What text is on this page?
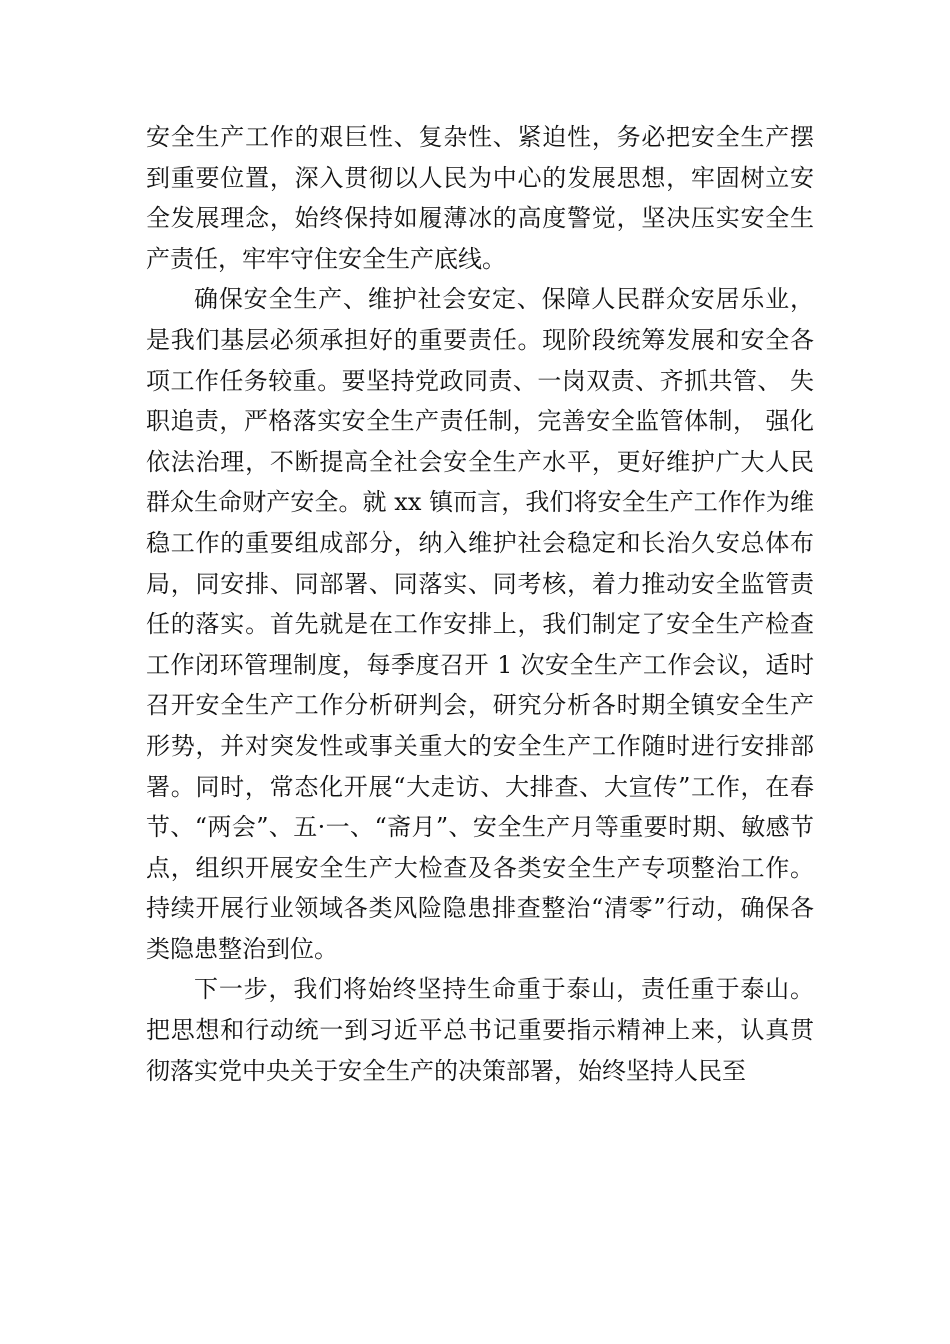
安全生产工作的艰巨性、复杂性、紧迫性，务必把安全生产摆到重要位置，深入贯彻以人民为中心的发展思想，牢固树立安全发展理念，始终保持如履薄冰的高度警觉，坚决压实安全生产责任，牢牢守住安全生产底线。

确保安全生产、维护社会安定、保障人民群众安居乐业，是我们基层必须承担好的重要责任。现阶段统筹发展和安全各项工作任务较重。要坚持党政同责、一岗双责、齐抓共管、 失职追责，严格落实安全生产责任制，完善安全监管体制， 强化依法治理，不断提高全社会安全生产水平，更好维护广大人民群众生命财产安全。就 xx 镇而言，我们将安全生产工作作为维稳工作的重要组成部分，纳入维护社会稳定和长治久安总体布局，同安排、同部署、同落实、同考核，着力推动安全监管责任的落实。首先就是在工作安排上，我们制定了安全生产检查工作闭环管理制度，每季度召开 1 次安全生产工作会议，适时召开安全生产工作分析研判会，研究分析各时期全镇安全生产形势，并对突发性或事关重大的安全生产工作随时进行安排部署。同时，常态化开展“大走访、大排查、大宣传”工作，在春节、“两会”、五·一、“斋月”、安全生产月等重要时期、敏感节点，组织开展安全生产大检查及各类安全生产专项整治工作。持续开展行业领域各类风险隐患排查整治“清零”行动，确保各类隐患整治到位。

下一步，我们将始终坚持生命重于泰山，责任重于泰山。把思想和行动统一到习近平总书记重要指示精神上来，认真贯彻落实党中央关于安全生产的决策部署，始终坚持人民至
